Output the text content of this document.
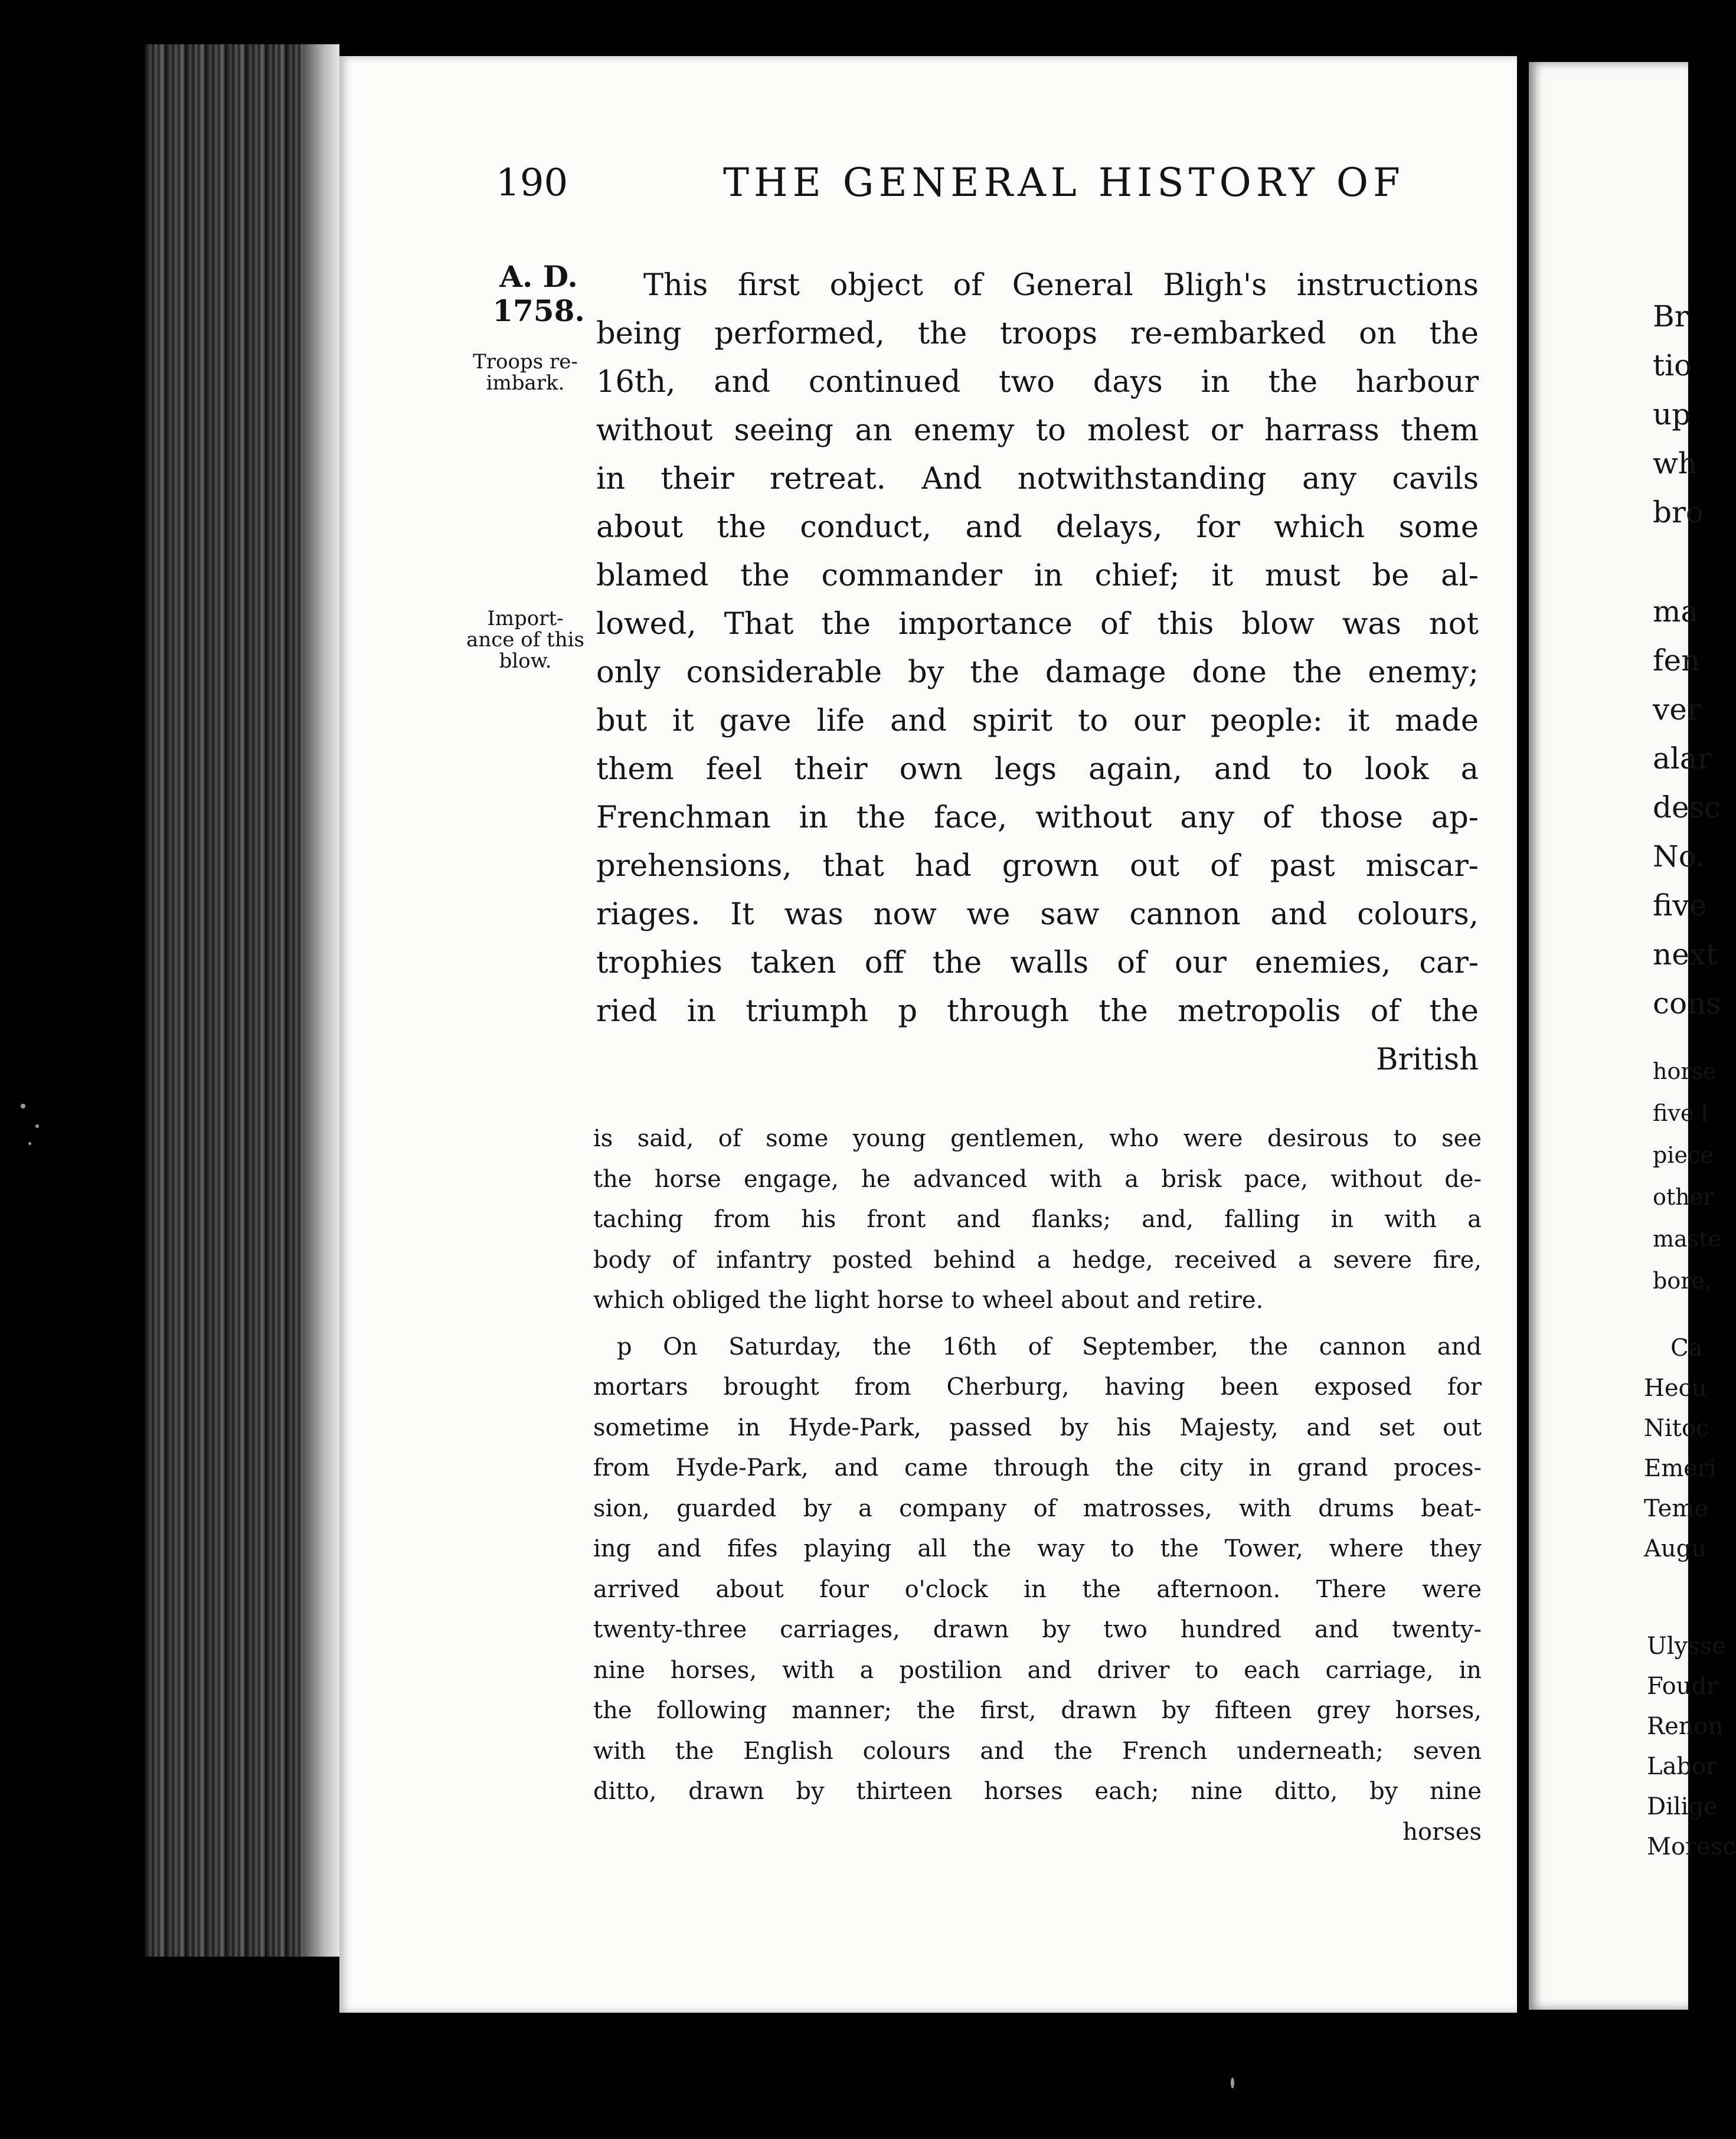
190	THE GENERAL HISTORY OF
A. D.
1758.
Troops re-
imbark.
Import-
ance of this
blow.
This first object of General Bligh's instructions
being performed, the troops re-embarked on the
16th, and continued two days in the harbour
without seeing an enemy to molest or harrass them
in their retreat. And notwithstanding any cavils
about the conduct, and delays, for which some
blamed the commander in chief; it must be al-
lowed, That the importance of this blow was not
only considerable by the damage done the enemy;
but it gave life and spirit to our people: it made
them feel their own legs again, and to look a
Frenchman in the face, without any of those ap-
prehensions, that had grown out of past miscar-
riages. It was now we saw cannon and colours,
trophies taken off the walls of our enemies, car-
ried in triumph p through the metropolis of the
British
is said, of some young gentlemen, who were desirous to see
the horse engage, he advanced with a brisk pace, without de-
taching from his front and flanks; and, falling in with a
body of infantry posted behind a hedge, received a severe fire,
which obliged the light horse to wheel about and retire.
p On Saturday, the 16th of September, the cannon and
mortars brought from Cherburg, having been exposed for
sometime in Hyde-Park, passed by his Majesty, and set out
from Hyde-Park, and came through the city in grand proces-
sion, guarded by a company of matrosses, with drums beat-
ing and fifes playing all the way to the Tower, where they
arrived about four o'clock in the afternoon. There were
twenty-three carriages, drawn by two hundred and twenty-
nine horses, with a postilion and driver to each carriage, in
the following manner; the first, drawn by fifteen grey horses,
with the English colours and the French underneath; seven
ditto, drawn by thirteen horses each; nine ditto, by nine
horses
Br
tio
up
wh
bro
ma
fen
ver
alar
desc
No.
five
next
cons
horse
five l
piece
other
maste
bore,
Ca
Hecu
Nitoc
Emeri
Teme
Augu
Ulysse
Foudr
Renon
Labor
Dilige
Moresc
